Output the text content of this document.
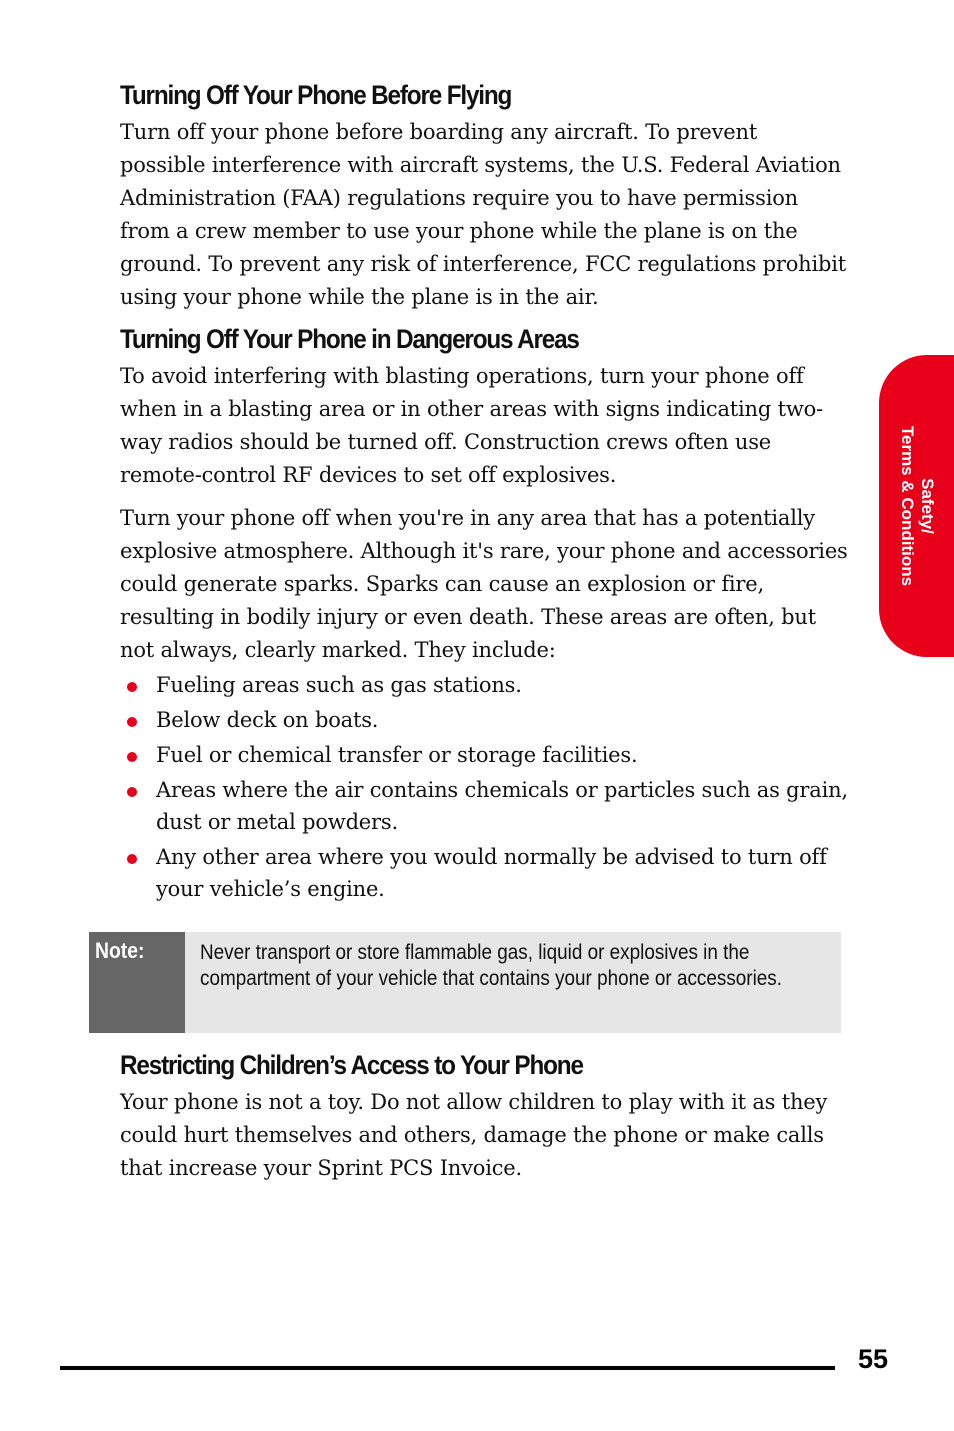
Turning Off Your Phone Before Flying

Turn off your phone before boarding any aircraft. To prevent possible interference with aircraft systems, the U.S. Federal Aviation Administration (FAA) regulations require you to have permission from a crew member to use your phone while the plane is on the ground. To prevent any risk of interference, FCC regulations prohibit using your phone while the plane is in the air.

Turning Off Your Phone in Dangerous Areas

To avoid interfering with blasting operations, turn your phone off when in a blasting area or in other areas with signs indicating two-way radios should be turned off. Construction crews often use remote-control RF devices to set off explosives.

Turn your phone off when you're in any area that has a potentially explosive atmosphere. Although it's rare, your phone and accessories could generate sparks. Sparks can cause an explosion or fire, resulting in bodily injury or even death. These areas are often, but not always, clearly marked. They include:

Fueling areas such as gas stations.
Below deck on boats.
Fuel or chemical transfer or storage facilities.
Areas where the air contains chemicals or particles such as grain, dust or metal powders.
Any other area where you would normally be advised to turn off your vehicle’s engine.
Note:	Never transport or store flammable gas, liquid or explosives in the compartment of your vehicle that contains your phone or accessories.
Restricting Children’s Access to Your Phone

Your phone is not a toy. Do not allow children to play with it as they could hurt themselves and others, damage the phone or make calls that increase your Sprint PCS Invoice.

Safety/
Terms & Conditions
55
